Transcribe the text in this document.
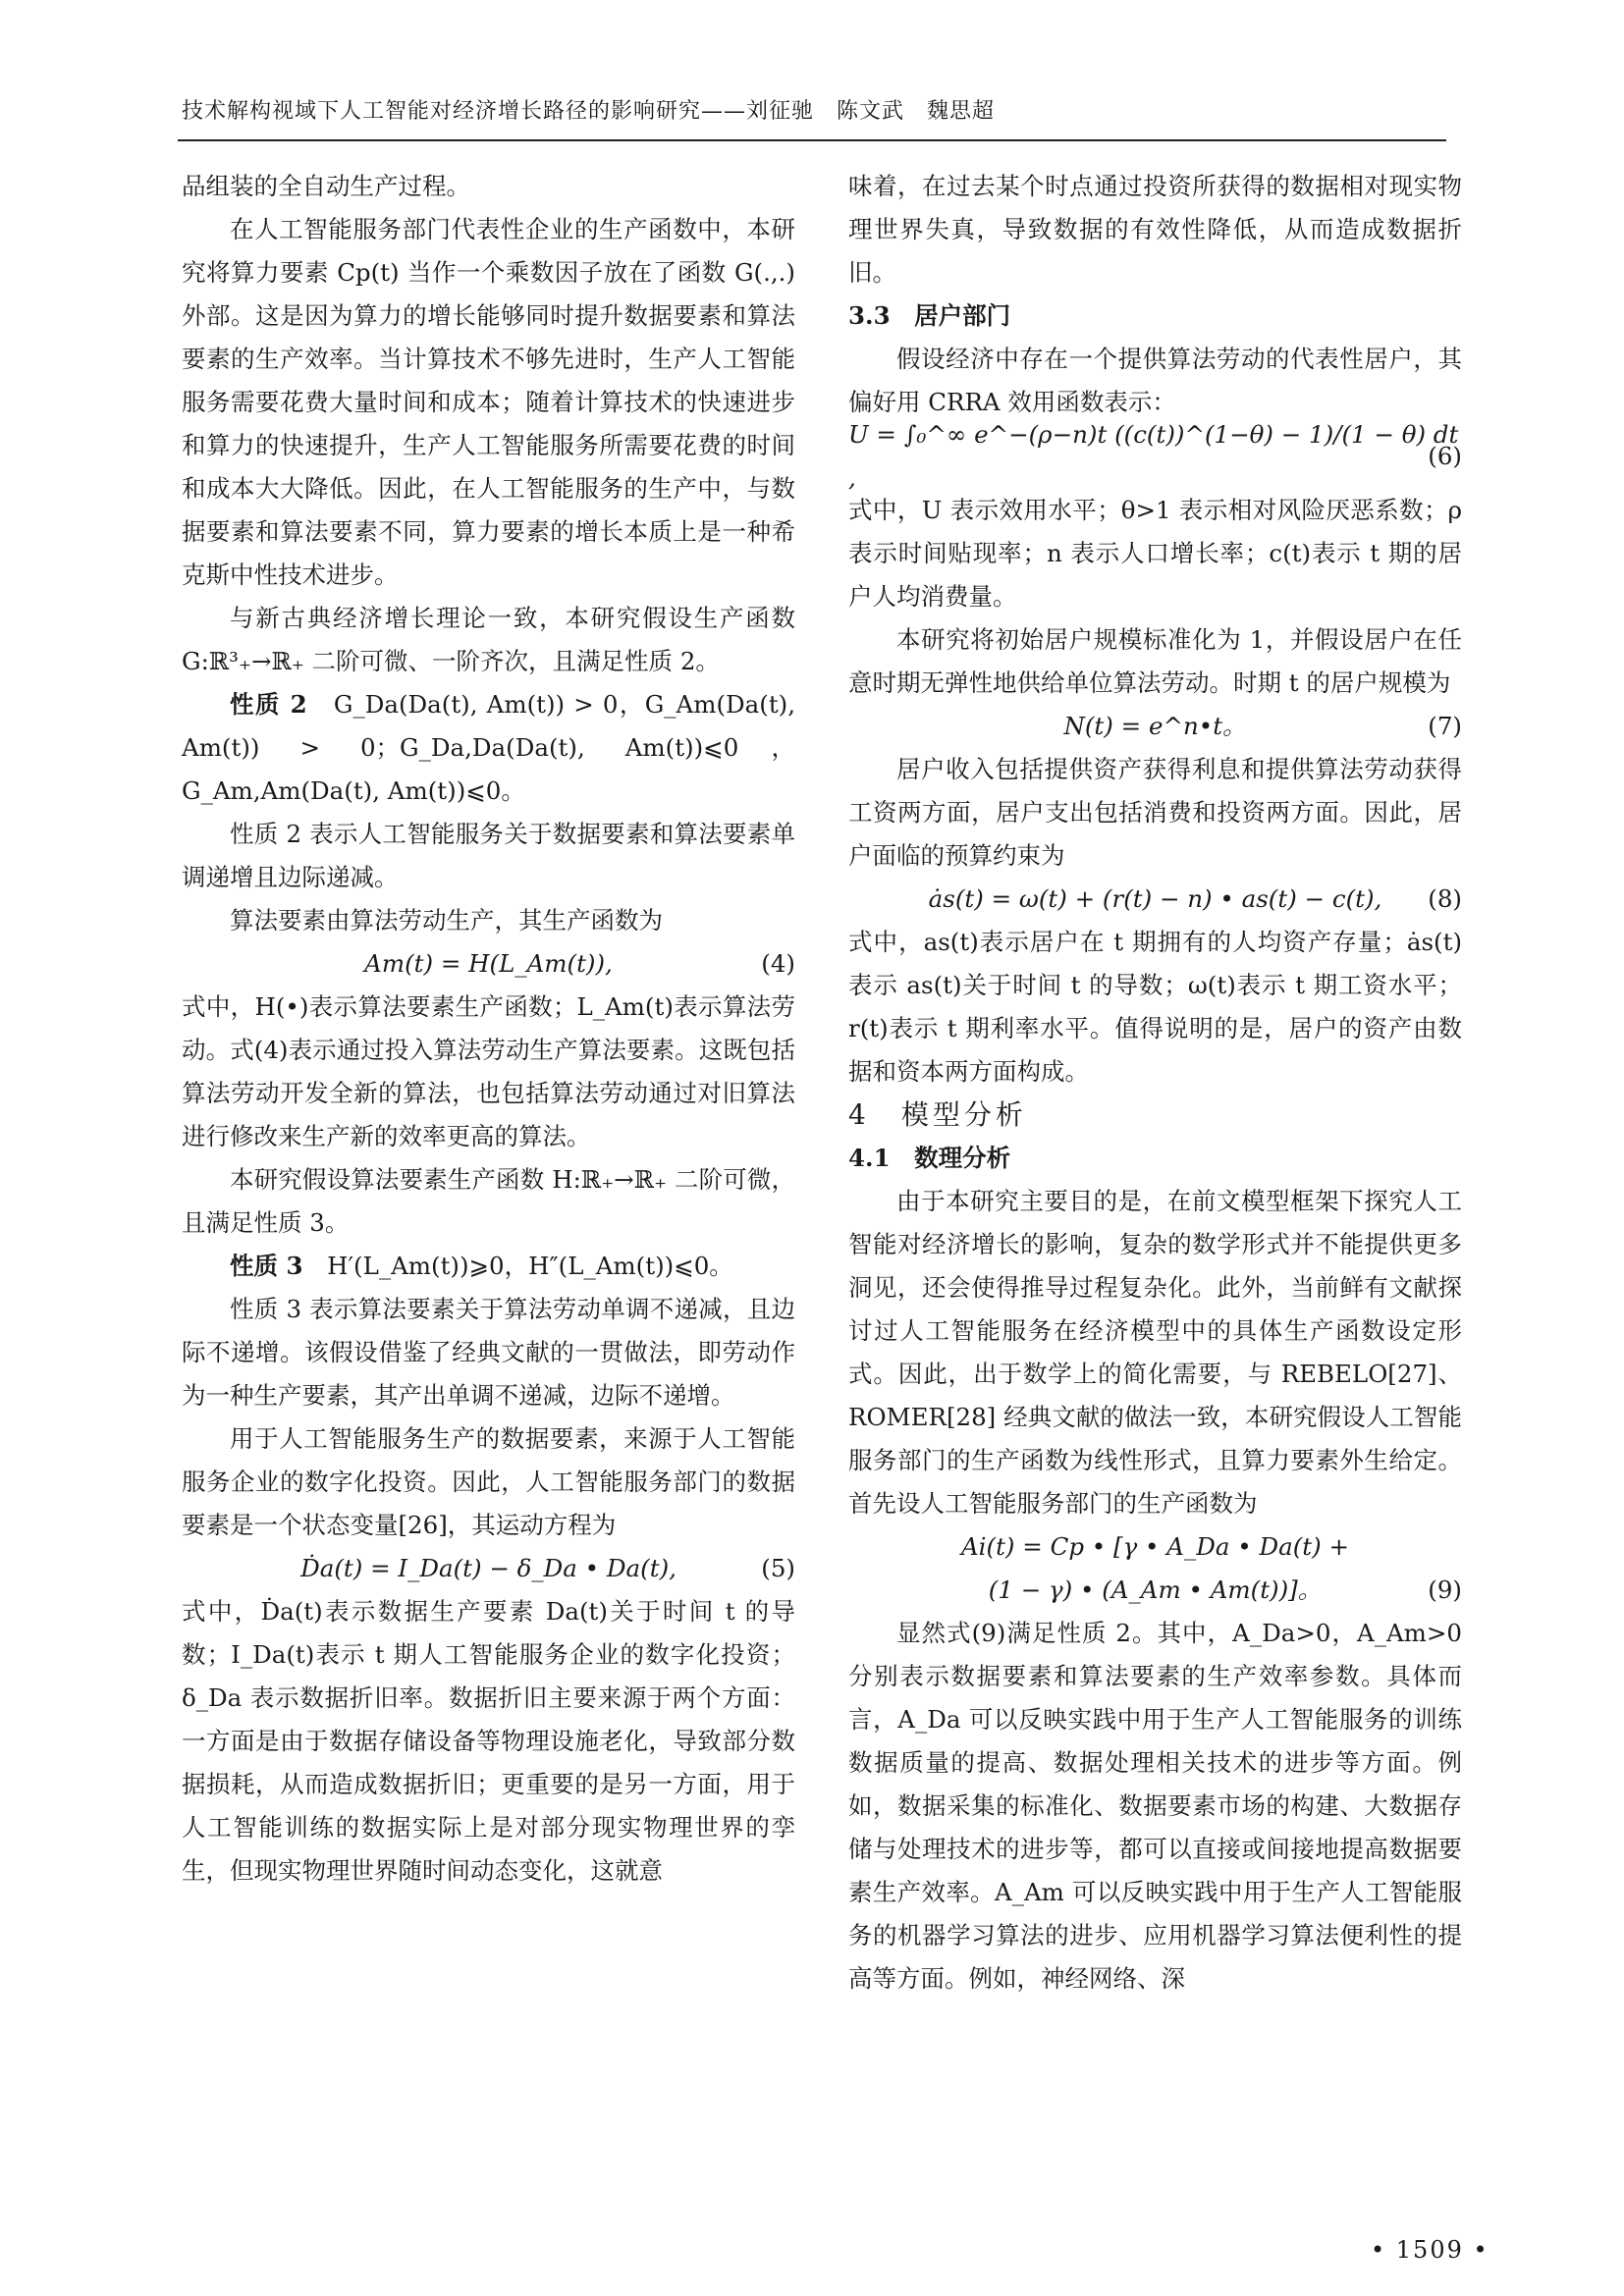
技术解构视域下人工智能对经济增长路径的影响研究——刘征驰　陈文武　魏思超

品组装的全自动生产过程。

在人工智能服务部门代表性企业的生产函数中，本研究将算力要素 Cp(t) 当作一个乘数因子放在了函数 G(.,.) 外部。这是因为算力的增长能够同时提升数据要素和算法要素的生产效率。当计算技术不够先进时，生产人工智能服务需要花费大量时间和成本；随着计算技术的快速进步和算力的快速提升，生产人工智能服务所需要花费的时间和成本大大降低。因此，在人工智能服务的生产中，与数据要素和算法要素不同，算力要素的增长本质上是一种希克斯中性技术进步。

与新古典经济增长理论一致，本研究假设生产函数 G:ℝ³₊→ℝ₊ 二阶可微、一阶齐次，且满足性质 2。

性质 2　 G_Da(Da(t), Am(t)) > 0，G_Am(Da(t), Am(t)) > 0；G_Da,Da(Da(t), Am(t))⩽0，G_Am,Am(Da(t), Am(t))⩽0。

性质 2 表示人工智能服务关于数据要素和算法要素单调递增且边际递减。

算法要素由算法劳动生产，其生产函数为

Am(t) = H(L_Am(t)),	(4)

式中，H(•)表示算法要素生产函数；L_Am(t)表示算法劳动。式(4)表示通过投入算法劳动生产算法要素。这既包括算法劳动开发全新的算法，也包括算法劳动通过对旧算法进行修改来生产新的效率更高的算法。

本研究假设算法要素生产函数 H:ℝ₊→ℝ₊ 二阶可微，且满足性质 3。

性质 3　 H′(L_Am(t))⩾0，H″(L_Am(t))⩽0。

性质 3 表示算法要素关于算法劳动单调不递减，且边际不递增。该假设借鉴了经典文献的一贯做法，即劳动作为一种生产要素，其产出单调不递减，边际不递增。

用于人工智能服务生产的数据要素，来源于人工智能服务企业的数字化投资。因此，人工智能服务部门的数据要素是一个状态变量[26]，其运动方程为

Ḋa(t) = I_Da(t) − δ_Da • Da(t),	(5)

式中，Ḋa(t)表示数据生产要素 Da(t)关于时间 t 的导数；I_Da(t)表示 t 期人工智能服务企业的数字化投资；δ_Da 表示数据折旧率。数据折旧主要来源于两个方面：一方面是由于数据存储设备等物理设施老化，导致部分数据损耗，从而造成数据折旧；更重要的是另一方面，用于人工智能训练的数据实际上是对部分现实物理世界的孪生，但现实物理世界随时间动态变化，这就意

味着，在过去某个时点通过投资所获得的数据相对现实物理世界失真，导致数据的有效性降低，从而造成数据折旧。

3.3　居户部门

假设经济中存在一个提供算法劳动的代表性居户，其偏好用 CRRA 效用函数表示：

U = ∫₀^∞ e^−(ρ−n)t ((c(t))^(1−θ) − 1)/(1 − θ) dt ,
(6)

式中，U 表示效用水平；θ>1 表示相对风险厌恶系数；ρ 表示时间贴现率；n 表示人口增长率；c(t)表示 t 期的居户人均消费量。

本研究将初始居户规模标准化为 1，并假设居户在任意时期无弹性地供给单位算法劳动。时期 t 的居户规模为

N(t) = e^n•t。	(7)

居户收入包括提供资产获得利息和提供算法劳动获得工资两方面，居户支出包括消费和投资两方面。因此，居户面临的预算约束为

ȧs(t) = ω(t) + (r(t) − n) • as(t) − c(t), (8)

式中，as(t)表示居户在 t 期拥有的人均资产存量；ȧs(t)表示 as(t)关于时间 t 的导数；ω(t)表示 t 期工资水平；r(t)表示 t 期利率水平。值得说明的是，居户的资产由数据和资本两方面构成。

4　模型分析

4.1　数理分析

由于本研究主要目的是，在前文模型框架下探究人工智能对经济增长的影响，复杂的数学形式并不能提供更多洞见，还会使得推导过程复杂化。此外，当前鲜有文献探讨过人工智能服务在经济模型中的具体生产函数设定形式。因此，出于数学上的简化需要，与 REBELO[27]、ROMER[28] 经典文献的做法一致，本研究假设人工智能服务部门的生产函数为线性形式，且算力要素外生给定。首先设人工智能服务部门的生产函数为

Ai(t) = Cp • [γ • A_Da • Da(t) +
(1 − γ) • (A_Am • Am(t))]。	(9)

显然式(9)满足性质 2。其中，A_Da>0，A_Am>0 分别表示数据要素和算法要素的生产效率参数。具体而言，A_Da 可以反映实践中用于生产人工智能服务的训练数据质量的提高、数据处理相关技术的进步等方面。例如，数据采集的标准化、数据要素市场的构建、大数据存储与处理技术的进步等，都可以直接或间接地提高数据要素生产效率。A_Am 可以反映实践中用于生产人工智能服务的机器学习算法的进步、应用机器学习算法便利性的提高等方面。例如，神经网络、深

• 1509 •
